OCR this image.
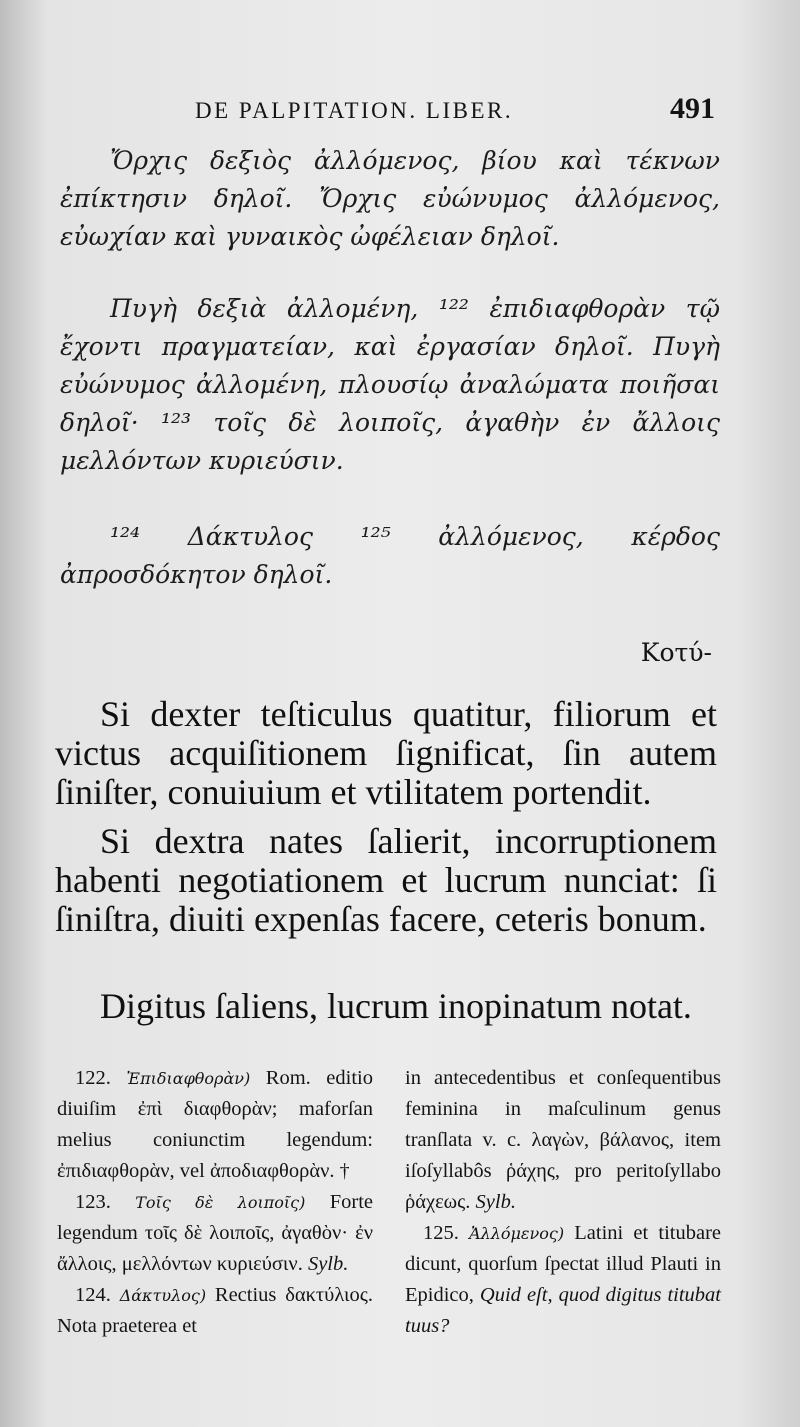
DE PALPITATION. LIBER.	491

Ὄρχις δεξιὸς ἀλλόμενος, βίου καὶ τέκνων ἐπίκτησιν δηλοῖ. Ὄρχις εὐώνυμος ἀλλόμενος, εὐωχίαν καὶ γυναικὸς ὠφέλειαν δηλοῖ.

Πυγὴ δεξιὰ ἀλλομένη, ¹²² ἐπιδιαφθορὰν τῷ ἔχοντι πραγματείαν, καὶ ἐργασίαν δηλοῖ. Πυγὴ εὐώνυμος ἀλλομένη, πλουσίῳ ἀναλώματα ποιῆσαι δηλοῖ· ¹²³ τοῖς δὲ λοιποῖς, ἀγαθὴν ἐν ἄλλοις μελλόντων κυριεύσιν.

¹²⁴ Δάκτυλος ¹²⁵ ἀλλόμενος, κέρδος ἀπροσδόκητον δηλοῖ.

Κοτύ-

Si dexter teſticulus quatitur, filiorum et victus acquiſitionem ſignificat, ſin autem ſiniſter, conuiuium et vtilitatem portendit.

Si dextra nates ſalierit, incorruptionem habenti negotiationem et lucrum nunciat: ſi ſiniſtra, diuiti expenſas facere, ceteris bonum.

Digitus ſaliens, lucrum inopinatum notat.

122. Ἐπιδιαφθορὰν) Rom. editio diuiſim ἐπὶ διαφθορὰν; maforſan melius coniunctim legendum: ἐπιδιαφθορὰν, vel ἀποδιαφθορὰν. †

123. Τοῖς δὲ λοιποῖς) Forte legendum τοῖς δὲ λοιποῖς, ἀγαθὸν· ἐν ἄλλοις, μελλόντων κυριεύσιν. Sylb.

124. Δάκτυλος) Rectius δακτύλιος. Nota praeterea et

in antecedentibus et conſequentibus feminina in maſculinum genus tranſlata v. c. λαγὼν, βάλανος, item iſoſyllabôs ῥάχης, pro peritoſyllabo ῥάχεως. Sylb.

125. Ἀλλόμενος) Latini et titubare dicunt, quorſum ſpectat illud Plauti in Epidico, Quid eſt, quod digitus titubat tuus?
